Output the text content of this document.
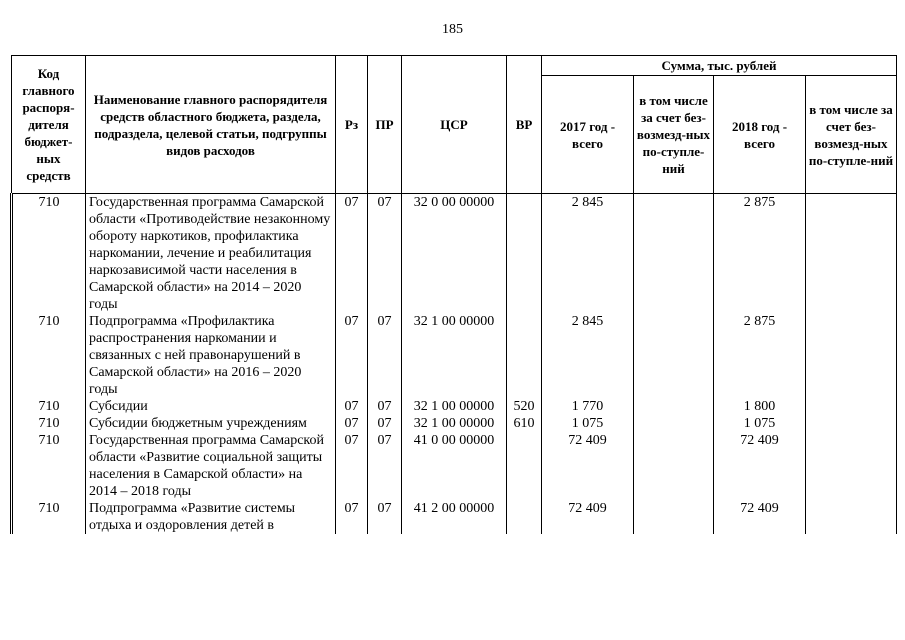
185
Код главного распоря-дителя бюджет-ных средств	Наименование главного распорядителя средств областного бюджета, раздела, подраздела, целевой статьи, подгруппы видов расходов	Рз	ПР	ЦСР	ВР	Сумма, тыс. рублей			
						2017 год - всего	в том числе за счет без-возмезд-ных по-ступле-ний	2018 год - всего	в том числе за счет без-возмезд-ных по-ступле-ний
710	Государственная программа Самарской области «Противодействие незаконному обороту наркотиков, профилактика наркомании, лечение и реабилитация наркозависимой части населения в Самарской области» на 2014 – 2020 годы	07	07	32 0 00 00000		2 845		2 875	
710	Подпрограмма «Профилактика распространения наркомании и связанных с ней правонарушений в Самарской области» на 2016 – 2020 годы	07	07	32 1 00 00000		2 845		2 875	
710	Субсидии	07	07	32 1 00 00000	520	1 770		1 800	
710	Субсидии бюджетным учреждениям	07	07	32 1 00 00000	610	1 075		1 075	
710	Государственная программа Самарской области «Развитие социальной защиты населения в Самарской области» на 2014 – 2018 годы	07	07	41 0 00 00000		72 409		72 409	
710	Подпрограмма «Развитие системы отдыха и оздоровления детей в	07	07	41 2 00 00000		72 409		72 409	
